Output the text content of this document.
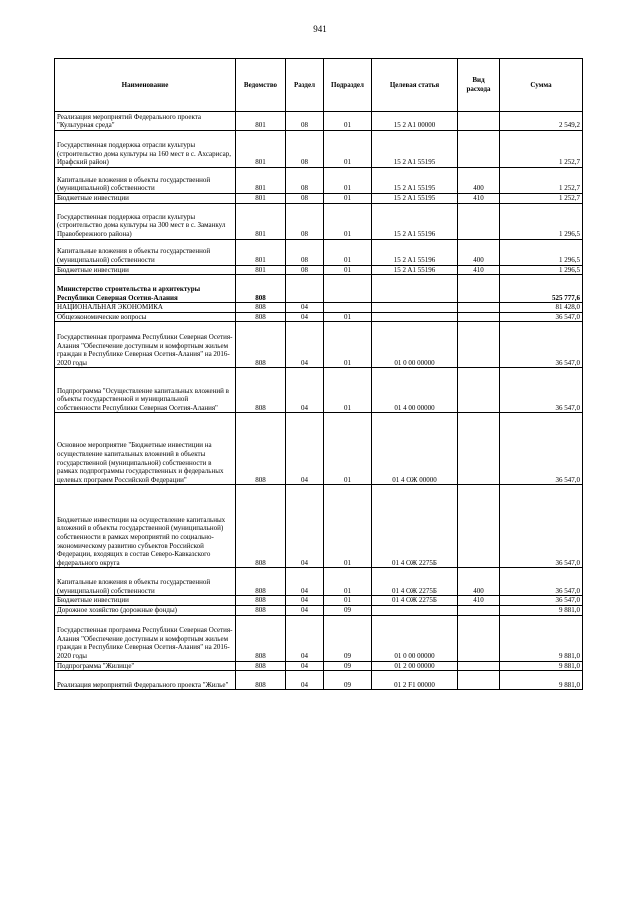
941
Наименование	Ведомство	Раздел	Подраздел	Целевая статья	Вид расхода	Сумма
Реализация мероприятий Федерального проекта "Культурная среда"	801	08	01	15 2 A1 00000		2 549,2
Государственная поддержка отрасли культуры (строительство дома культуры на 160 мест в с. Ахсарисар, Ирафский район)	801	08	01	15 2 A1 55195		1 252,7
Капитальные вложения в объекты государственной (муниципальной) собственности	801	08	01	15 2 A1 55195	400	1 252,7
Бюджетные инвестиции	801	08	01	15 2 A1 55195	410	1 252,7
Государственная поддержка отрасли культуры (строительство дома культуры на 300 мест в с. Заманкул Правобережного района)	801	08	01	15 2 A1 55196		1 296,5
Капитальные вложения в объекты государственной (муниципальной) собственности	801	08	01	15 2 A1 55196	400	1 296,5
Бюджетные инвестиции	801	08	01	15 2 A1 55196	410	1 296,5
Министерство строительства и архитектуры Республики Северная Осетия-Алания	808					525 777,6
НАЦИОНАЛЬНАЯ ЭКОНОМИКА	808	04				81 428,0
Общеэкономические вопросы	808	04	01			36 547,0
Государственная программа Республики Северная Осетия-Алания "Обеспечение доступным и комфортным жильем граждан в Республике Северная Осетия-Алания" на 2016-2020 годы	808	04	01	01 0 00 00000		36 547,0
Подпрограмма "Осуществление капитальных вложений в объекты государственной и муниципальной собственности Республики Северная Осетия-Алания"	808	04	01	01 4 00 00000		36 547,0
Основное мероприятие "Бюджетные инвестиции на осуществление капитальных вложений в объекты государственной (муниципальной) собственности в рамках подпрограммы государственных и федеральных целевых программ Российской Федерации"	808	04	01	01 4 ОЖ 00000		36 547,0
Бюджетные инвестиции на осуществление капитальных вложений в объекты государственной (муниципальной) собственности в рамках мероприятий по социально-экономическому развитию субъектов Российской Федерации, входящих в состав Северо-Кавказского федерального округа	808	04	01	01 4 ОЖ 2275Б		36 547,0
Капитальные вложения в объекты государственной (муниципальной) собственности	808	04	01	01 4 ОЖ 2275Б	400	36 547,0
Бюджетные инвестиции	808	04	01	01 4 ОЖ 2275Б	410	36 547,0
Дорожное хозяйство (дорожные фонды)	808	04	09			9 881,0
Государственная программа Республики Северная Осетия-Алания "Обеспечение доступным и комфортным жильем граждан в Республике Северная Осетия-Алания" на 2016-2020 годы	808	04	09	01 0 00 00000		9 881,0
Подпрограмма "Жилище"	808	04	09	01 2 00 00000		9 881,0
Реализация мероприятий Федерального проекта "Жилье"	808	04	09	01 2 F1 00000		9 881,0
